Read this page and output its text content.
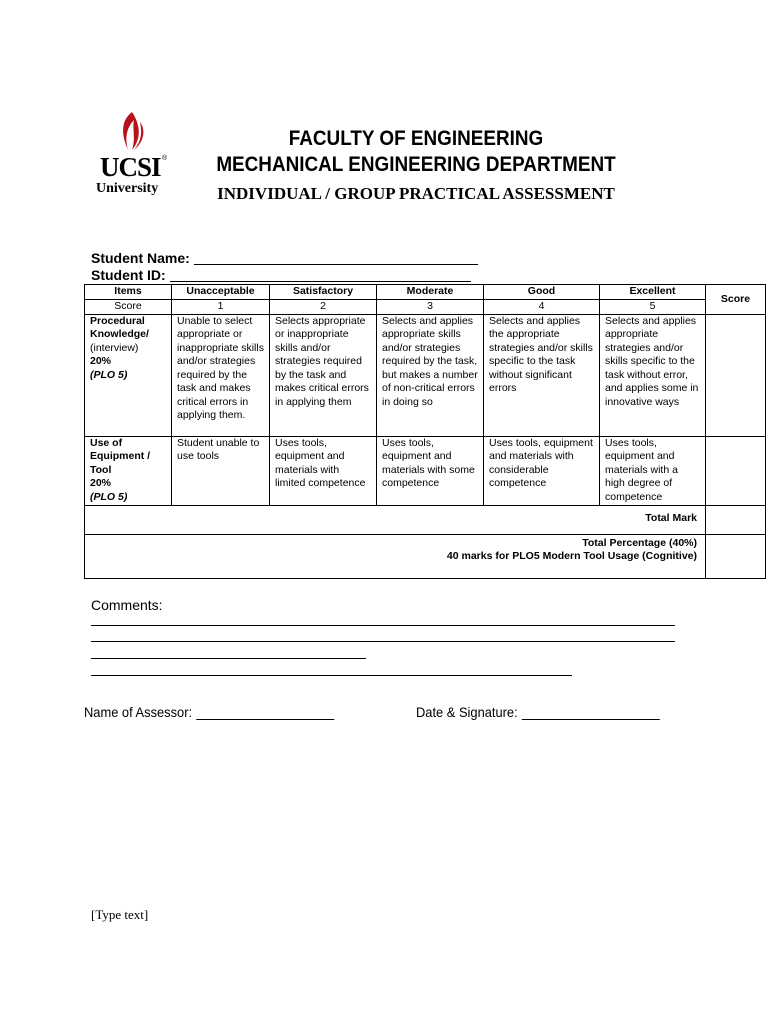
UCSI ®
University
FACULTY OF ENGINEERING
MECHANICAL ENGINEERING DEPARTMENT
INDIVIDUAL / GROUP PRACTICAL ASSESSMENT
Student Name:
Student ID:
Items	Unacceptable	Satisfactory	Moderate	Good	Excellent	Score
Score	1	2	3	4	5	

Procedural Knowledge/
(interview)
20%
(PLO 5)	Unable to select appropriate or inappropriate skills and/or strategies required by the task and makes critical errors in applying them.	Selects appropriate or inappropriate skills and/or strategies required by the task and makes critical errors in applying them	Selects and applies appropriate skills and/or strategies required by the task, but makes a number of non-critical errors in doing so	Selects and applies the appropriate strategies and/or skills specific to the task without significant errors	Selects and applies appropriate strategies and/or skills specific to the task without error, and applies some in innovative ways	

Use of Equipment / Tool
20%
(PLO 5)	Student unable to use tools	Uses tools, equipment and materials with limited competence	Uses tools, equipment and materials with some competence	Uses tools, equipment and materials with considerable competence	Uses tools, equipment and materials with a high degree of competence	
Total Mark						

Total Percentage (40%)
40 marks for PLO5 Modern Tool Usage (Cognitive)						

Comments:
Name of Assessor:	Date & Signature:
[Type text]
